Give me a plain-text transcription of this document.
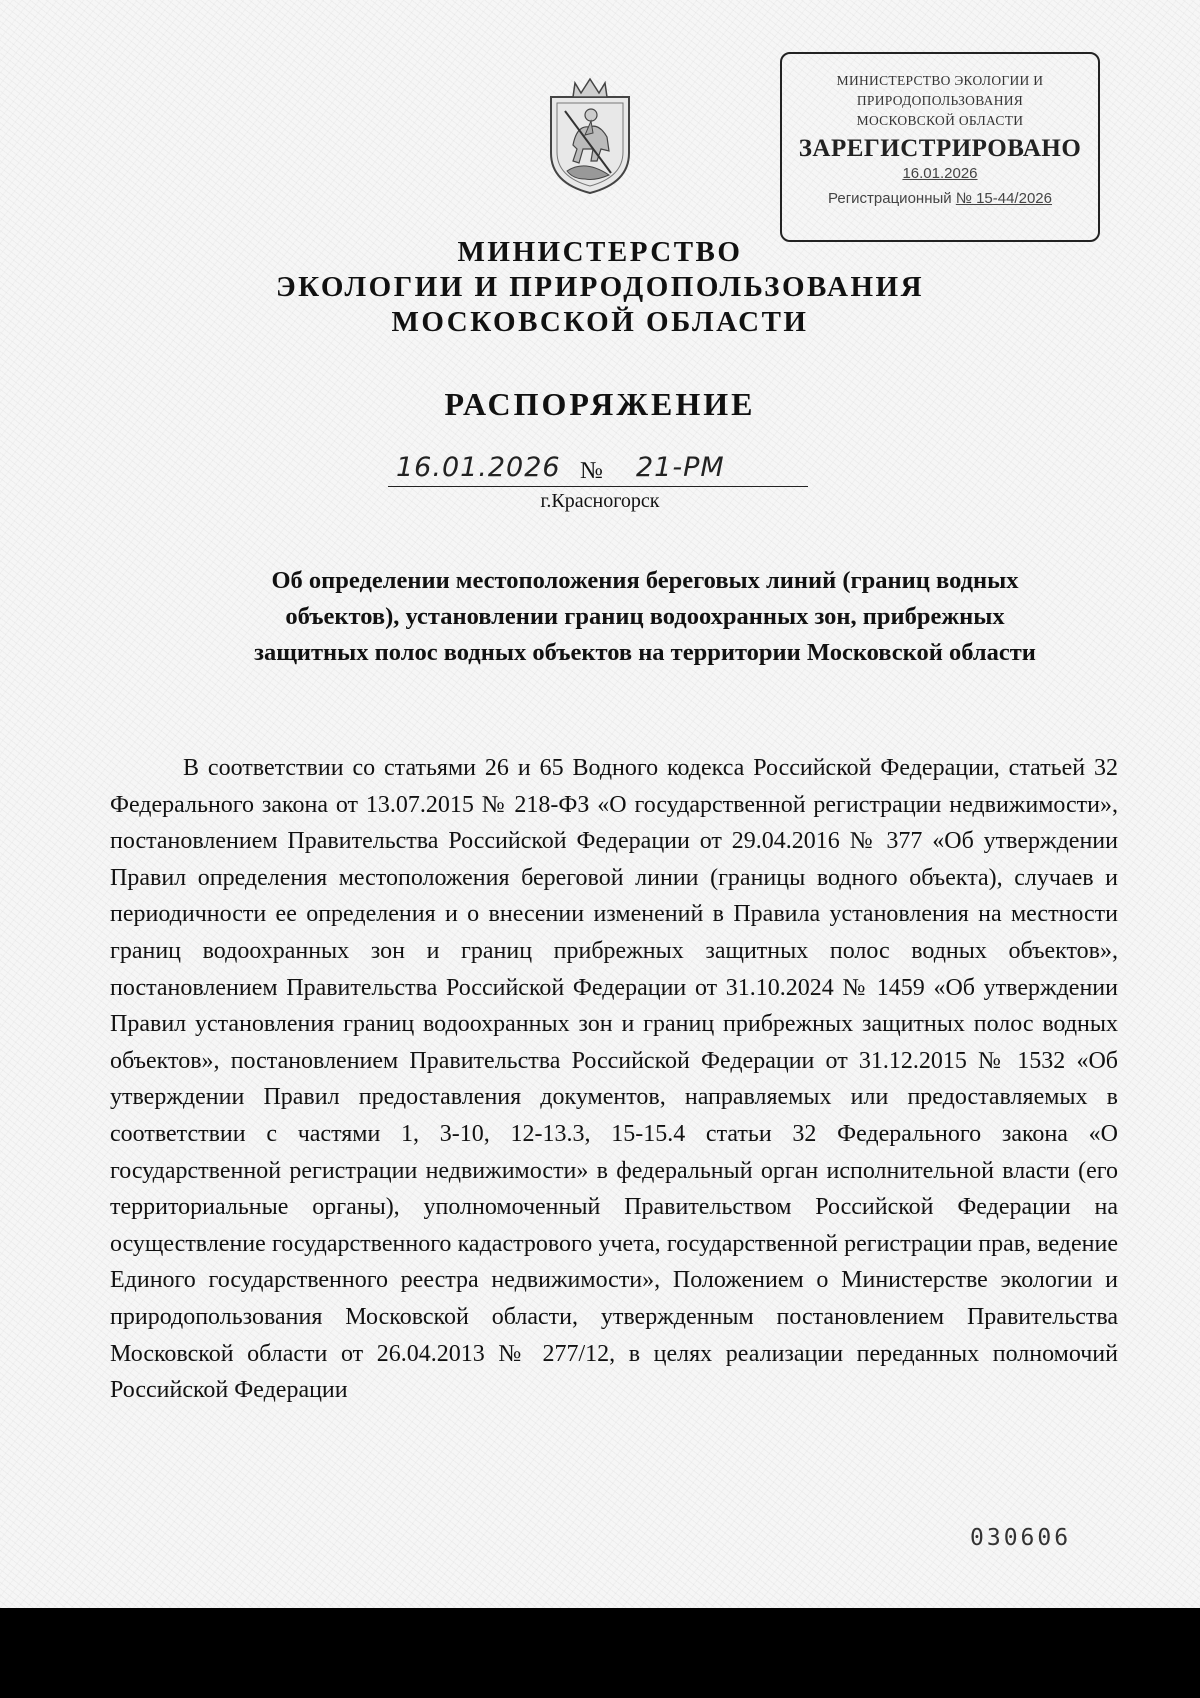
МИНИСТЕРСТВО ЭКОЛОГИИ И
ПРИРОДОПОЛЬЗОВАНИЯ
МОСКОВСКОЙ ОБЛАСТИ
ЗАРЕГИСТРИРОВАНО
16.01.2026
Регистрационный № 15-44/2026
МИНИСТЕРСТВО
ЭКОЛОГИИ И ПРИРОДОПОЛЬЗОВАНИЯ
МОСКОВСКОЙ ОБЛАСТИ
РАСПОРЯЖЕНИЕ
16.01.2026 № 21-РМ
г.Красногорск
Об определении местоположения береговых линий (границ водных
объектов), установлении границ водоохранных зон, прибрежных
защитных полос водных объектов на территории Московской области

В соответствии со статьями 26 и 65 Водного кодекса Российской Федерации, статьей 32 Федерального закона от 13.07.2015 № 218-ФЗ «О государственной регистрации недвижимости», постановлением Правительства Российской Федерации от 29.04.2016 № 377 «Об утверждении Правил определения местоположения береговой линии (границы водного объекта), случаев и периодичности ее определения и о внесении изменений в Правила установления на местности границ водоохранных зон и границ прибрежных защитных полос водных объектов», постановлением Правительства Российской Федерации от 31.10.2024 № 1459 «Об утверждении Правил установления границ водоохранных зон и границ прибрежных защитных полос водных объектов», постановлением Правительства Российской Федерации от 31.12.2015 № 1532 «Об утверждении Правил предоставления документов, направляемых или предоставляемых в соответствии с частями 1, 3-10, 12-13.3, 15-15.4 статьи 32 Федерального закона «О государственной регистрации недвижимости» в федеральный орган исполнительной власти (его территориальные органы), уполномоченный Правительством Российской Федерации на осуществление государственного кадастрового учета, государственной регистрации прав, ведение Единого государственного реестра недвижимости», Положением о Министерстве экологии и природопользования Московской области, утвержденным постановлением Правительства Московской области от 26.04.2013 № 277/12, в целях реализации переданных полномочий Российской Федерации

030606
